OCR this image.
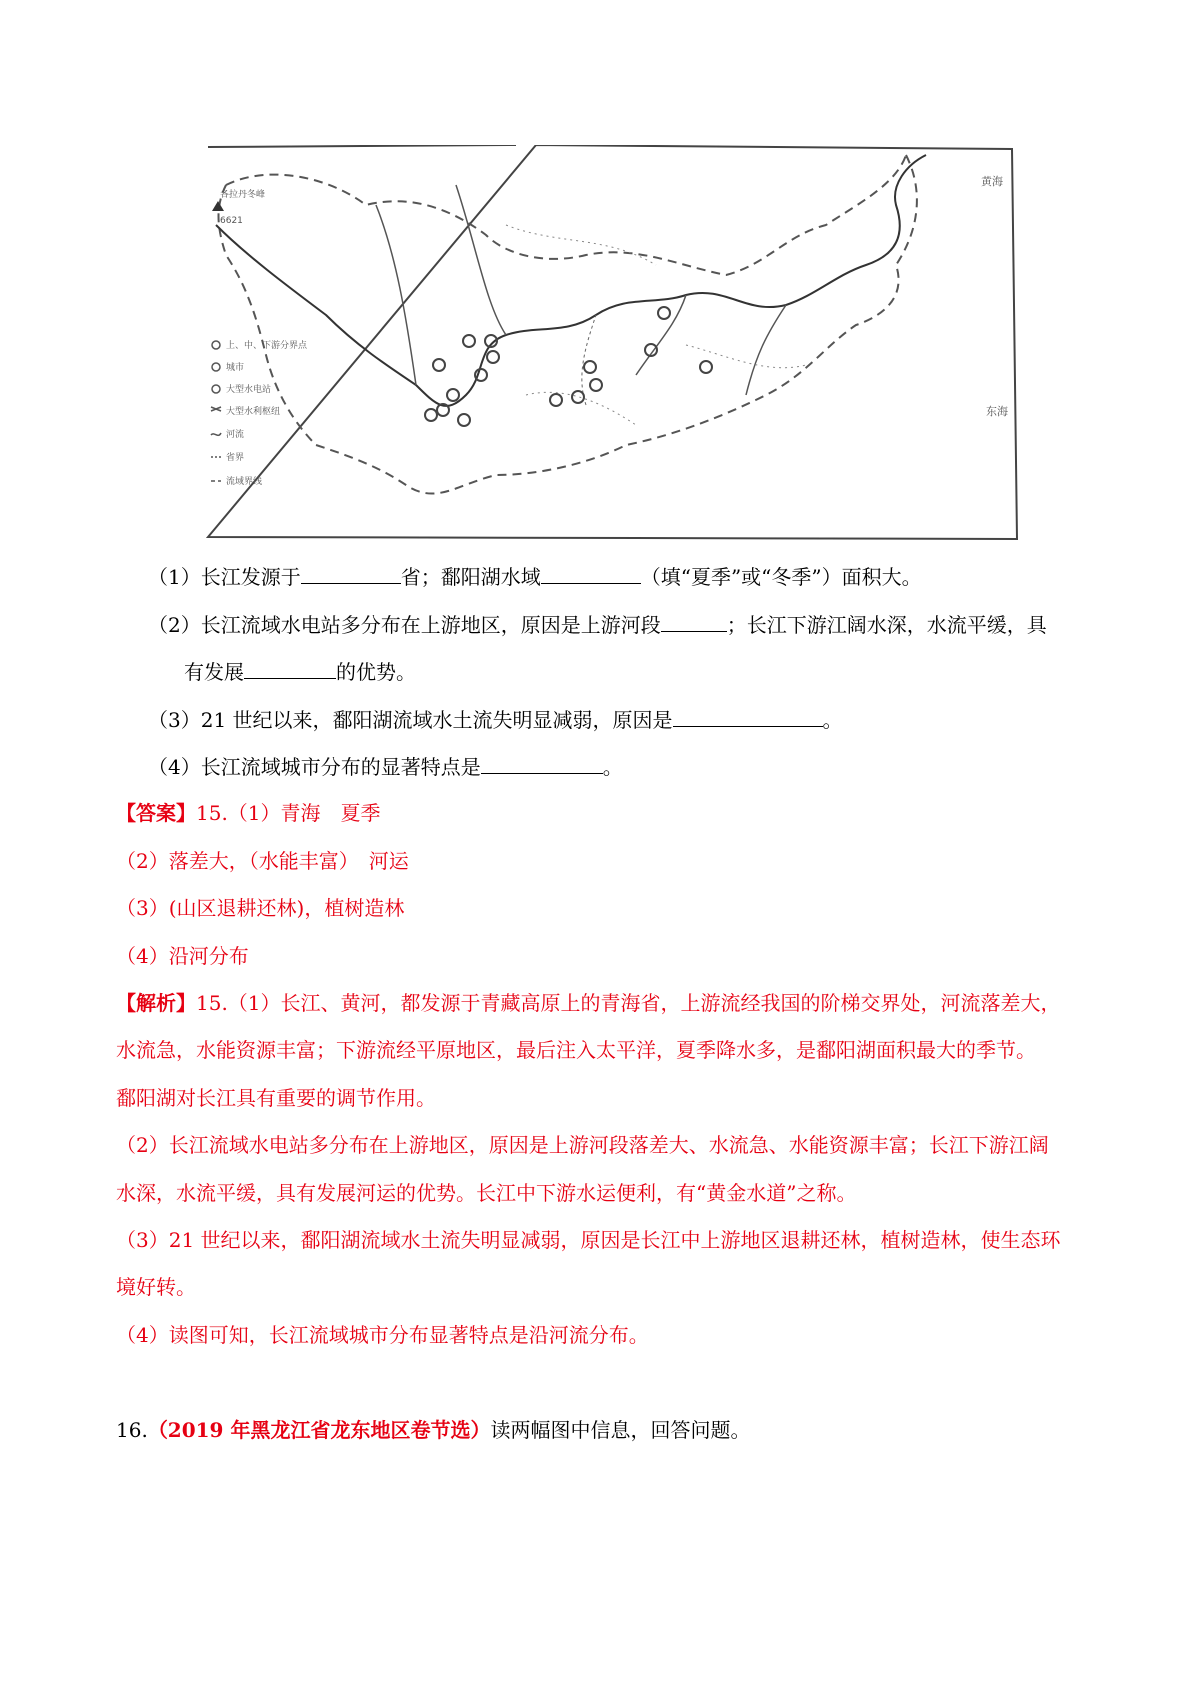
上、中、下游分界点
城市
大型水电站
大型水利枢纽
河流
省界
流域界线
各拉丹冬峰
6621
黄海
东海
（1）长江发源于	省；鄱阳湖水域	（填“夏季”或“冬季”）面积大。
（2）长江流域水电站多分布在上游地区，原因是上游河段	；长江下游江阔水深，水流平缓，具
有发展	的优势。
（3）21 世纪以来，鄱阳湖流域水土流失明显减弱，原因是	。
（4）长江流域城市分布的显著特点是	。
【答案】15.（1）青海　夏季
（2）落差大，（水能丰富）　河运
（3）(山区退耕还林)，植树造林
（4）沿河分布
【解析】15.（1）长江、黄河，都发源于青藏高原上的青海省，上游流经我国的阶梯交界处，河流落差大，
水流急，水能资源丰富；下游流经平原地区，最后注入太平洋，夏季降水多，是鄱阳湖面积最大的季节。
鄱阳湖对长江具有重要的调节作用。
（2）长江流域水电站多分布在上游地区，原因是上游河段落差大、水流急、水能资源丰富；长江下游江阔
水深，水流平缓，具有发展河运的优势。长江中下游水运便利，有“黄金水道”之称。
（3）21 世纪以来，鄱阳湖流域水土流失明显减弱，原因是长江中上游地区退耕还林，植树造林，使生态环
境好转。
（4）读图可知，长江流域城市分布显著特点是沿河流分布。
16.（2019 年黑龙江省龙东地区卷节选）读两幅图中信息，回答问题。
